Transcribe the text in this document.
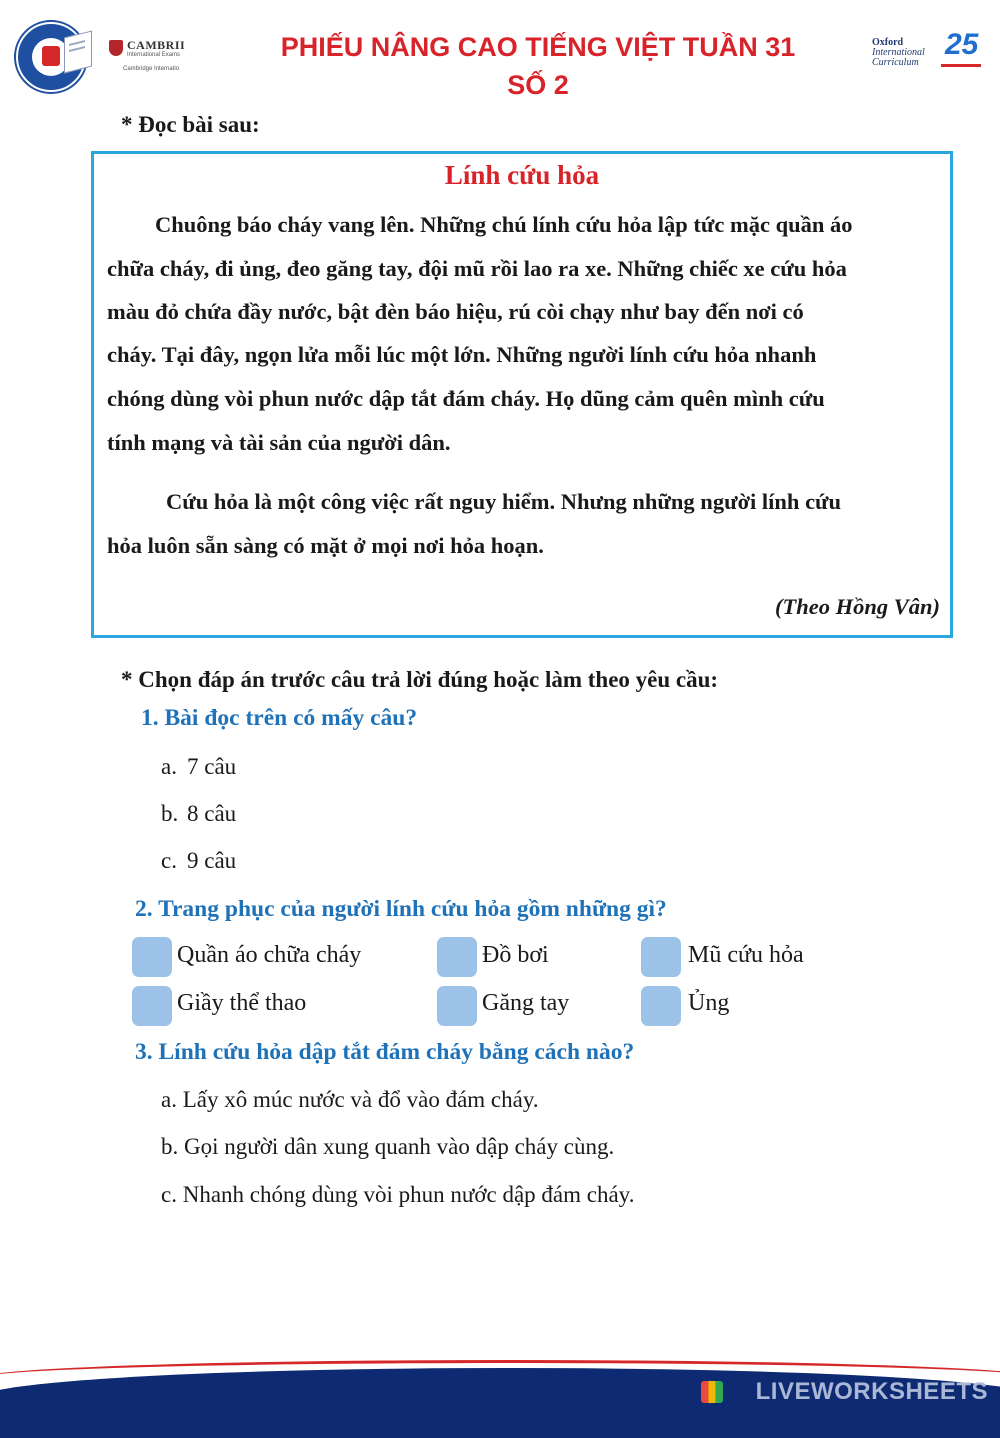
CAMBRII
International Exams
Cambridge Internatio
PHIẾU NÂNG CAO TIẾNG VIỆT TUẦN 31
SỐ 2
Oxford
International
Curriculum
25
* Đọc bài sau:
Lính cứu hỏa
Chuông báo cháy vang lên. Những chú lính cứu hỏa lập tức mặc quần áo
chữa cháy, đi ủng, đeo găng tay, đội mũ rồi lao ra xe. Những chiếc xe cứu hỏa
màu đỏ chứa đầy nước, bật đèn báo hiệu, rú còi chạy như bay đến nơi có
cháy. Tại đây, ngọn lửa mỗi lúc một lớn. Những người lính cứu hỏa nhanh
chóng dùng vòi phun nước dập tắt đám cháy. Họ dũng cảm quên mình cứu
tính mạng và tài sản của người dân.
Cứu hỏa là một công việc rất nguy hiểm. Nhưng những người lính cứu
hỏa luôn sẵn sàng có mặt ở mọi nơi hỏa hoạn.
(Theo Hồng Vân)
* Chọn đáp án trước câu trả lời đúng hoặc làm theo yêu cầu:
1. Bài đọc trên có mấy câu?
a. 7 câu
b. 8 câu
c. 9 câu
2. Trang phục của người lính cứu hỏa gồm những gì?
Quần áo chữa cháy	Đồ bơi	Mũ cứu hỏa
Giầy thể thao	Găng tay	Ủng
3. Lính cứu hỏa dập tắt đám cháy bằng cách nào?
a. Lấy xô múc nước và đổ vào đám cháy.
b. Gọi người dân xung quanh vào dập cháy cùng.
c. Nhanh chóng dùng vòi phun nước dập đám cháy.
LIVEWORKSHEETS
